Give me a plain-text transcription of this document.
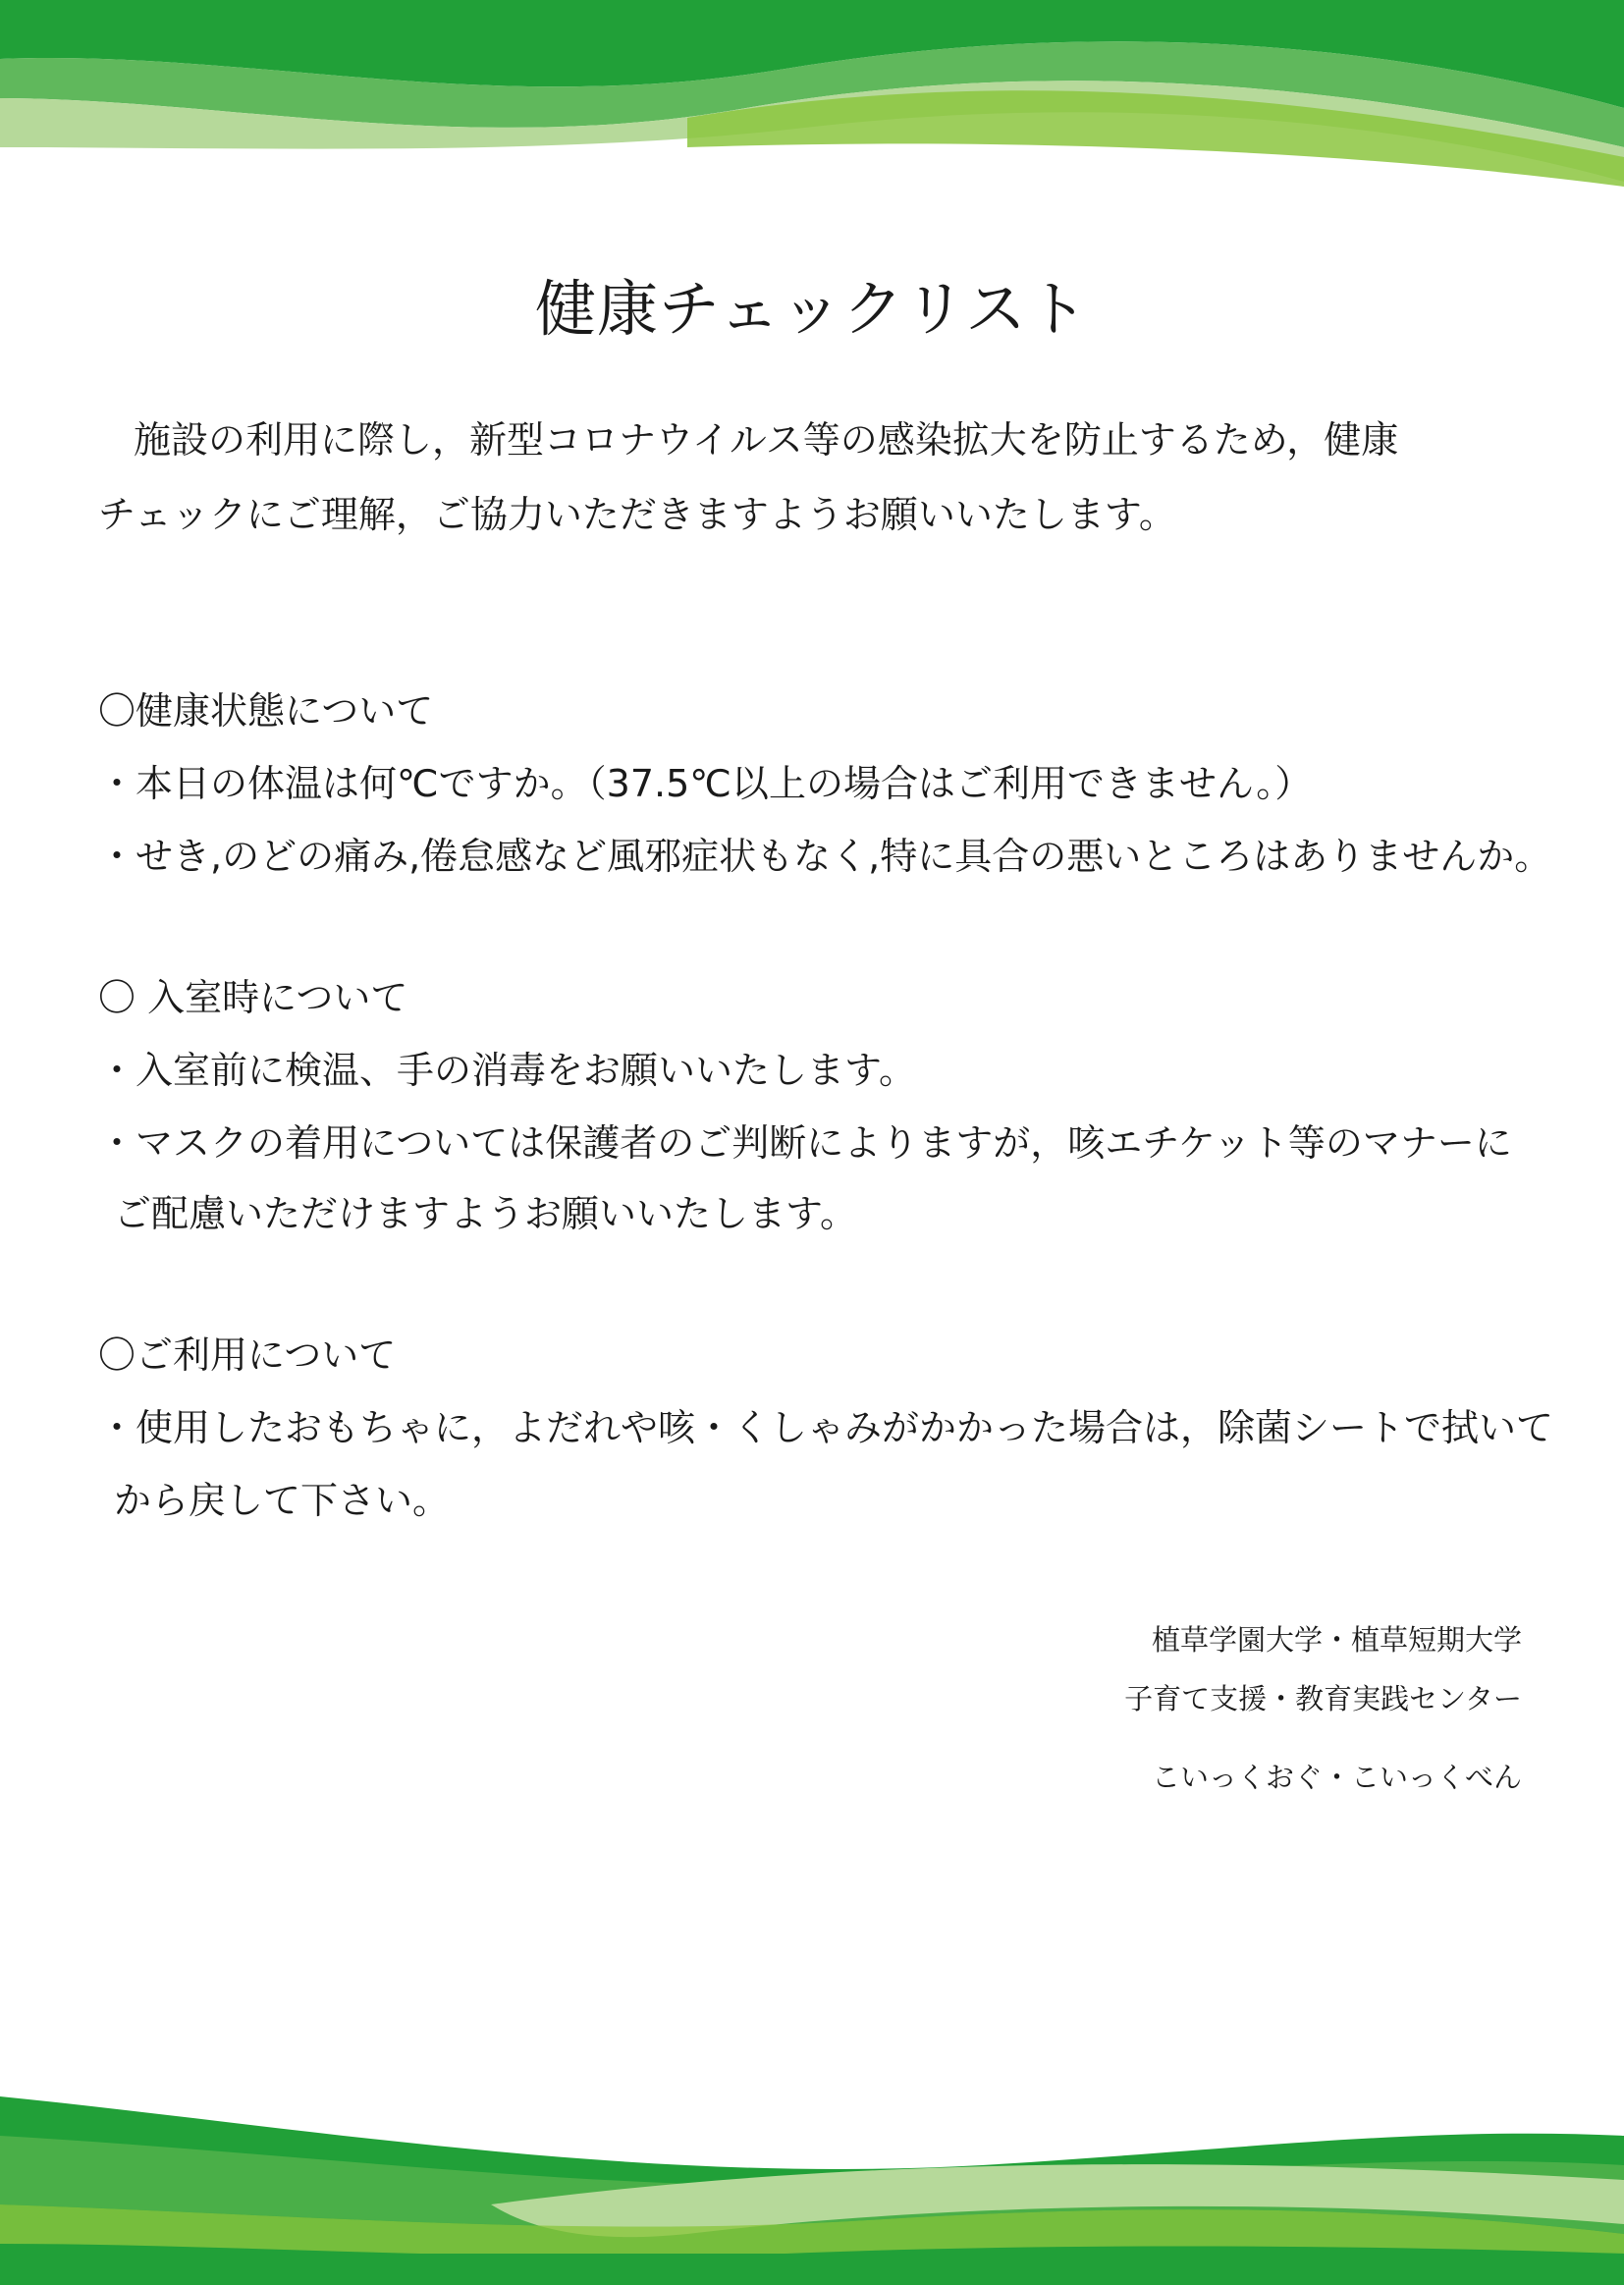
健康チェックリスト
施設の利用に際し，新型コロナウイルス等の感染拡大を防止するため，健康
チェックにご理解，ご協力いただきますようお願いいたします。
〇健康状態について
・本日の体温は何℃ですか。（37.5℃以上の場合はご利用できません。）
・せき,のどの痛み,倦怠感など風邪症状もなく,特に具合の悪いところはありませんか。
〇 入室時について
・入室前に検温、手の消毒をお願いいたします。
・マスクの着用については保護者のご判断によりますが，咳エチケット等のマナーに
ご配慮いただけますようお願いいたします。
〇ご利用について
・使用したおもちゃに，よだれや咳・くしゃみがかかった場合は，除菌シートで拭いて
から戻して下さい。
植草学園大学・植草短期大学
子育て支援・教育実践センター
こいっくおぐ・こいっくべん
